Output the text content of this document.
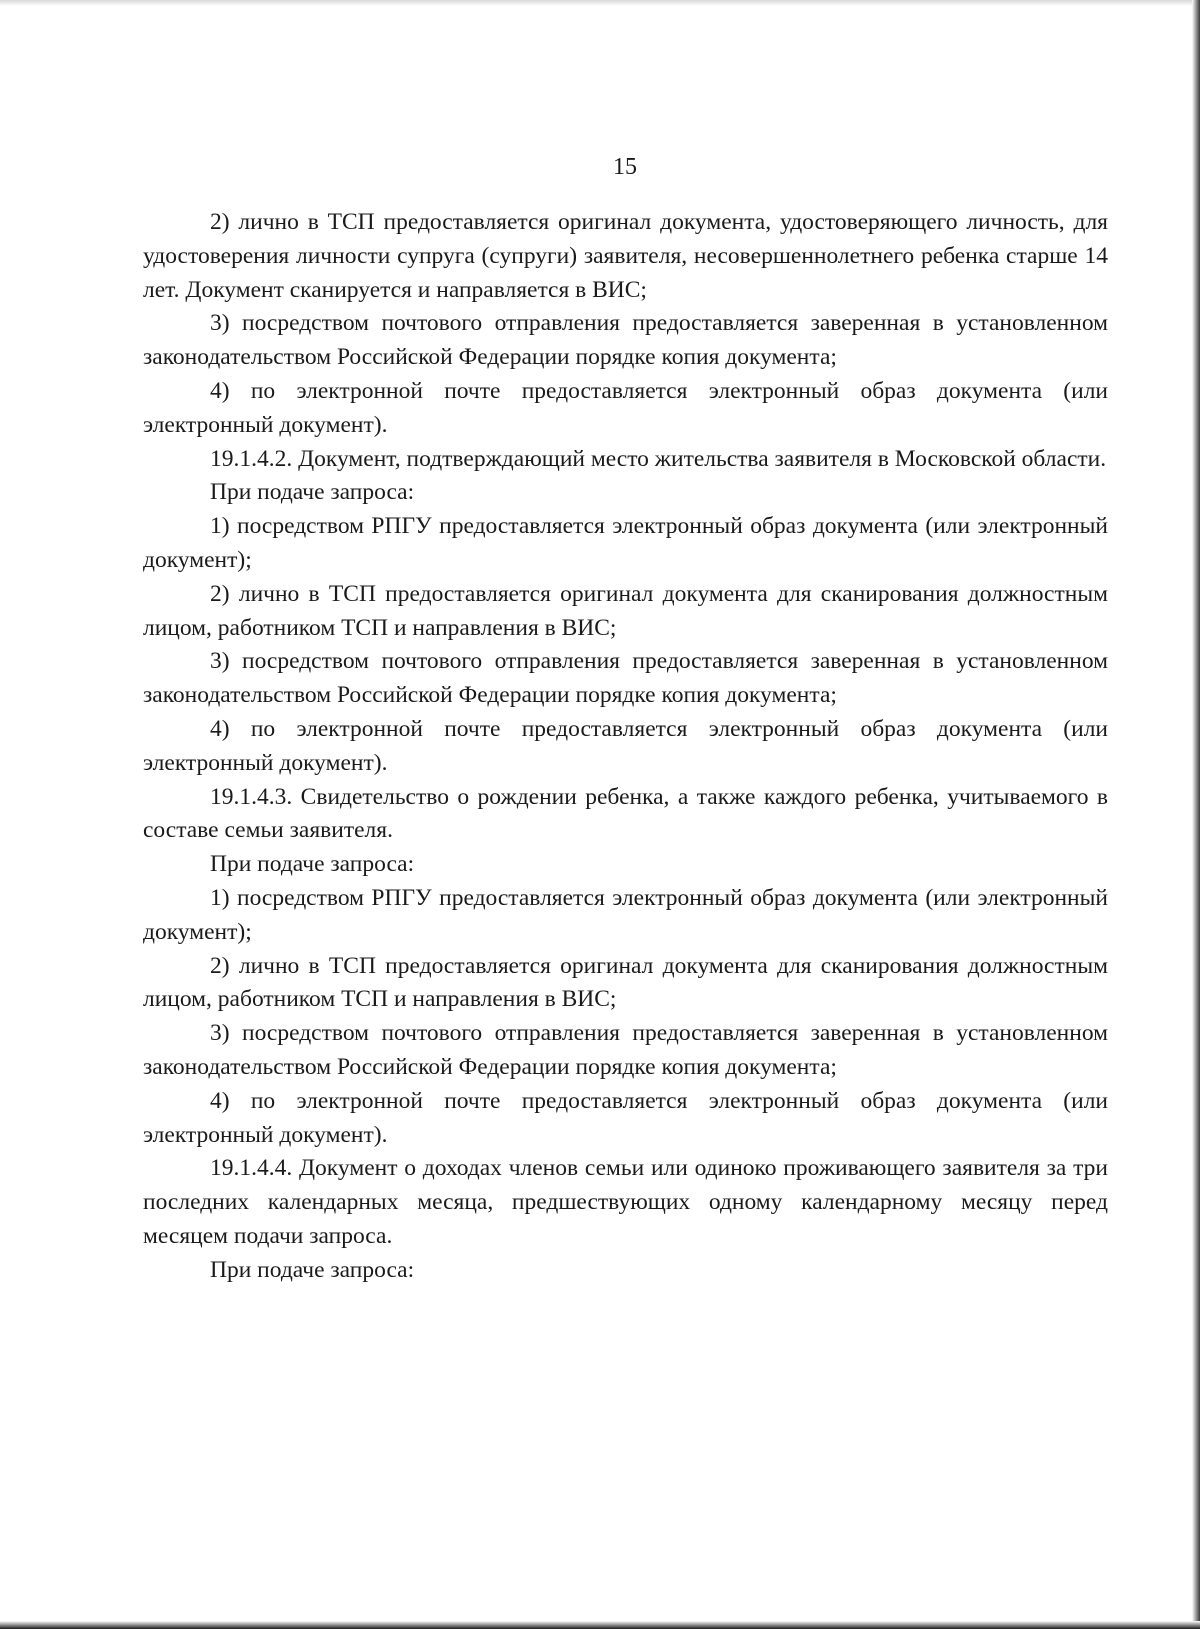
15

2) лично в ТСП предоставляется оригинал документа, удостоверяющего личность, для удостоверения личности супруга (супруги) заявителя, несовершеннолетнего ребенка старше 14 лет. Документ сканируется и направляется в ВИС;

3) посредством почтового отправления предоставляется заверенная в установленном законодательством Российской Федерации порядке копия документа;

4) по электронной почте предоставляется электронный образ документа (или электронный документ).

19.1.4.2. Документ, подтверждающий место жительства заявителя в Московской области.

При подаче запроса:

1) посредством РПГУ предоставляется электронный образ документа (или электронный документ);

2) лично в ТСП предоставляется оригинал документа для сканирования должностным лицом, работником ТСП и направления в ВИС;

3) посредством почтового отправления предоставляется заверенная в установленном законодательством Российской Федерации порядке копия документа;

4) по электронной почте предоставляется электронный образ документа (или электронный документ).

19.1.4.3. Свидетельство о рождении ребенка, а также каждого ребенка, учитываемого в составе семьи заявителя.

При подаче запроса:

1) посредством РПГУ предоставляется электронный образ документа (или электронный документ);

2) лично в ТСП предоставляется оригинал документа для сканирования должностным лицом, работником ТСП и направления в ВИС;

3) посредством почтового отправления предоставляется заверенная в установленном законодательством Российской Федерации порядке копия документа;

4) по электронной почте предоставляется электронный образ документа (или электронный документ).

19.1.4.4. Документ о доходах членов семьи или одиноко проживающего заявителя за три последних календарных месяца, предшествующих одному календарному месяцу перед месяцем подачи запроса.

При подаче запроса:
